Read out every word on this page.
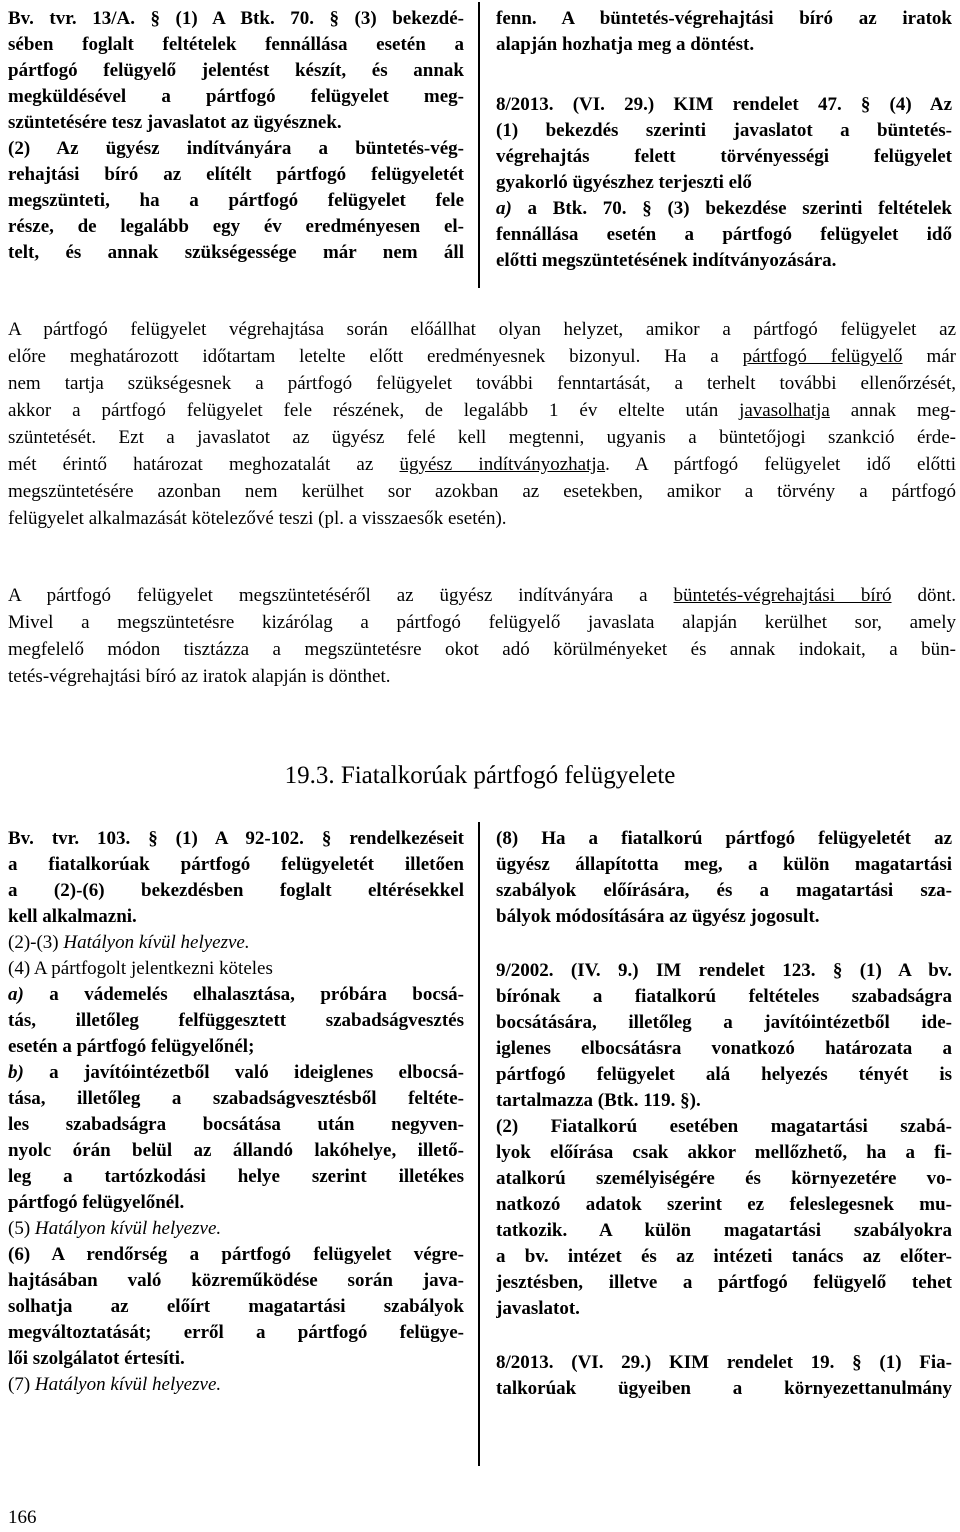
Bv. tvr. 13/A. § (1) A Btk. 70. § (3) bekezdé-
sében foglalt feltételek fennállása esetén a
pártfogó felügyelő jelentést készít, és annak
megküldésével a pártfogó felügyelet meg-
szüntetésére tesz javaslatot az ügyésznek.
(2) Az ügyész indítványára a büntetés-vég-
rehajtási bíró az elítélt pártfogó felügyeletét
megszünteti, ha a pártfogó felügyelet fele
része, de legalább egy év eredményesen el-
telt, és annak szükségessége már nem áll
fenn. A büntetés-végrehajtási bíró az iratok
alapján hozhatja meg a döntést.
8/2013. (VI. 29.) KIM rendelet 47. § (4) Az
(1) bekezdés szerinti javaslatot a büntetés-
végrehajtás felett törvényességi felügyelet
gyakorló ügyészhez terjeszti elő
a) a Btk. 70. § (3) bekezdése szerinti feltételek
fennállása esetén a pártfogó felügyelet idő
előtti megszüntetésének indítványozására.
A pártfogó felügyelet végrehajtása során előállhat olyan helyzet, amikor a pártfogó felügyelet az
előre meghatározott időtartam letelte előtt eredményesnek bizonyul. Ha a pártfogó felügyelő már
nem tartja szükségesnek a pártfogó felügyelet további fenntartását, a terhelt további ellenőrzését,
akkor a pártfogó felügyelet fele részének, de legalább 1 év eltelte után javasolhatja annak meg-
szüntetését. Ezt a javaslatot az ügyész felé kell megtenni, ugyanis a büntetőjogi szankció érde-
mét érintő határozat meghozatalát az ügyész indítványozhatja. A pártfogó felügyelet idő előtti
megszüntetésére azonban nem kerülhet sor azokban az esetekben, amikor a törvény a pártfogó
felügyelet alkalmazását kötelezővé teszi (pl. a visszaesők esetén).
A pártfogó felügyelet megszüntetéséről az ügyész indítványára a büntetés-végrehajtási bíró dönt.
Mivel a megszüntetésre kizárólag a pártfogó felügyelő javaslata alapján kerülhet sor, amely
megfelelő módon tisztázza a megszüntetésre okot adó körülményeket és annak indokait, a bün-
tetés-végrehajtási bíró az iratok alapján is dönthet.
19.3. Fiatalkorúak pártfogó felügyelete
Bv. tvr. 103. § (1) A 92-102. § rendelkezéseit
a fiatalkorúak pártfogó felügyeletét illetően
a (2)-(6) bekezdésben foglalt eltérésekkel
kell alkalmazni.
(2)-(3) Hatályon kívül helyezve.
(4) A pártfogolt jelentkezni köteles
a) a vádemelés elhalasztása, próbára bocsá-
tás, illetőleg felfüggesztett szabadságvesztés
esetén a pártfogó felügyelőnél;
b) a javítóintézetből való ideiglenes elbocsá-
tása, illetőleg a szabadságvesztésből feltéte-
les szabadságra bocsátása után negyven-
nyolc órán belül az állandó lakóhelye, illető-
leg a tartózkodási helye szerint illetékes
pártfogó felügyelőnél.
(5) Hatályon kívül helyezve.
(6) A rendőrség a pártfogó felügyelet végre-
hajtásában való közreműködése során java-
solhatja az előírt magatartási szabályok
megváltoztatását; erről a pártfogó felügye-
lői szolgálatot értesíti.
(7) Hatályon kívül helyezve.
(8) Ha a fiatalkorú pártfogó felügyeletét az
ügyész állapította meg, a külön magatartási
szabályok előírására, és a magatartási sza-
bályok módosítására az ügyész jogosult.
9/2002. (IV. 9.) IM rendelet 123. § (1) A bv.
bírónak a fiatalkorú feltételes szabadságra
bocsátására, illetőleg a javítóintézetből ide-
iglenes elbocsátásra vonatkozó határozata a
pártfogó felügyelet alá helyezés tényét is
tartalmazza (Btk. 119. §).
(2) Fiatalkorú esetében magatartási szabá-
lyok előírása csak akkor mellőzhető, ha a fi-
atalkorú személyiségére és környezetére vo-
natkozó adatok szerint ez feleslegesnek mu-
tatkozik. A külön magatartási szabályokra
a bv. intézet és az intézeti tanács az előter-
jesztésben, illetve a pártfogó felügyelő tehet
javaslatot.
8/2013. (VI. 29.) KIM rendelet 19. § (1) Fia-
talkorúak ügyeiben a környezettanulmány
166
